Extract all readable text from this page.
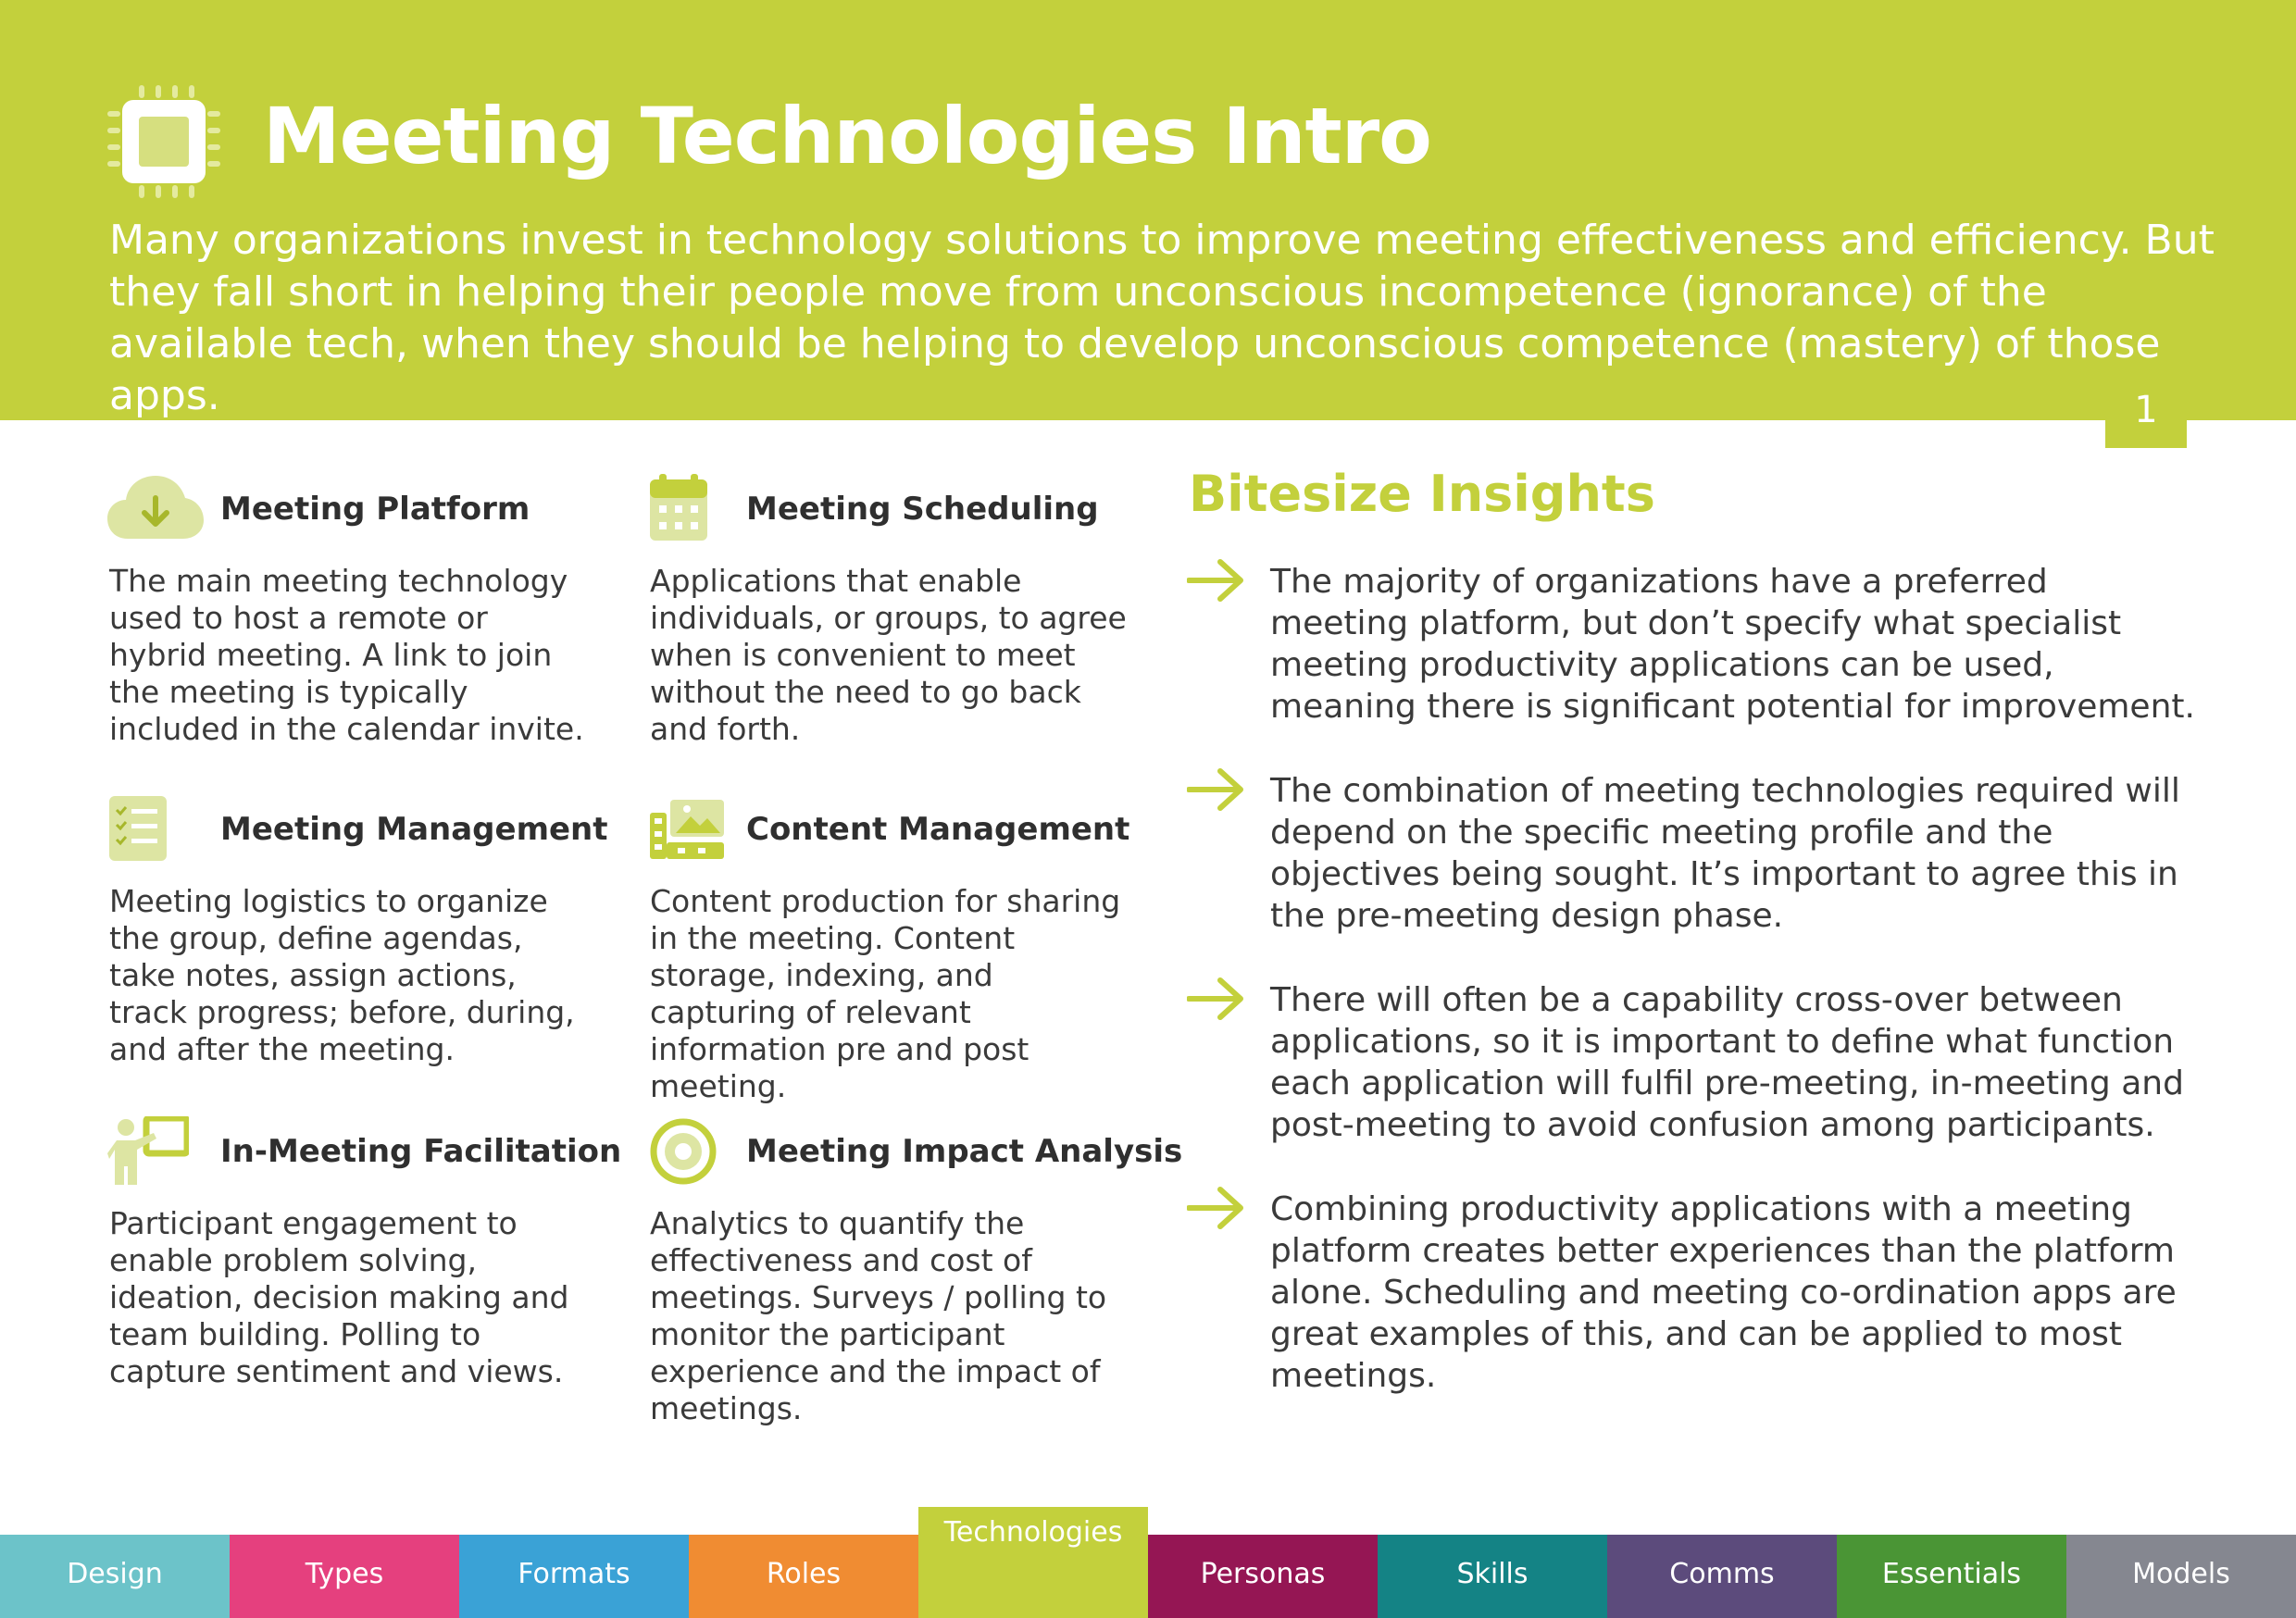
Meeting Technologies Intro
Many organizations invest in technology solutions to improve meeting effectiveness and efficiency. But they fall short in helping their people move from unconscious incompetence (ignorance) of the available tech, when they should be helping to develop unconscious competence (mastery) of those apps.	1
Meeting Platform
The main meeting technology used to host a remote or hybrid meeting. A link to join the meeting is typically included in the calendar invite.
Meeting Scheduling
Applications that enable individuals, or groups, to agree when is convenient to meet without the need to go back and forth.
Meeting Management
Meeting logistics to organize the group, define agendas, take notes, assign actions, track progress; before, during, and after the meeting.
Content Management
Content production for sharing in the meeting. Content storage, indexing, and capturing of relevant information pre and post meeting.
In-Meeting Facilitation
Participant engagement to enable problem solving, ideation, decision making and team building. Polling to capture sentiment and views.
Meeting Impact Analysis
Analytics to quantify the effectiveness and cost of meetings. Surveys / polling to monitor the participant experience and the impact of meetings.
Bitesize Insights
The majority of organizations have a preferred meeting platform, but don’t specify what specialist meeting productivity applications can be used, meaning there is significant potential for improvement.
The combination of meeting technologies required will depend on the specific meeting profile and the objectives being sought. It’s important to agree this in the pre-meeting design phase.
There will often be a capability cross-over between applications, so it is important to define what function each application will fulfil pre-meeting, in-meeting and post-meeting to avoid confusion among participants.
Combining productivity applications with a meeting platform creates better experiences than the platform alone. Scheduling and meeting co-ordination apps are great examples of this, and can be applied to most meetings.
Design	Types	Formats	Roles
Technologies
Personas	Skills	Comms	Essentials	Models
